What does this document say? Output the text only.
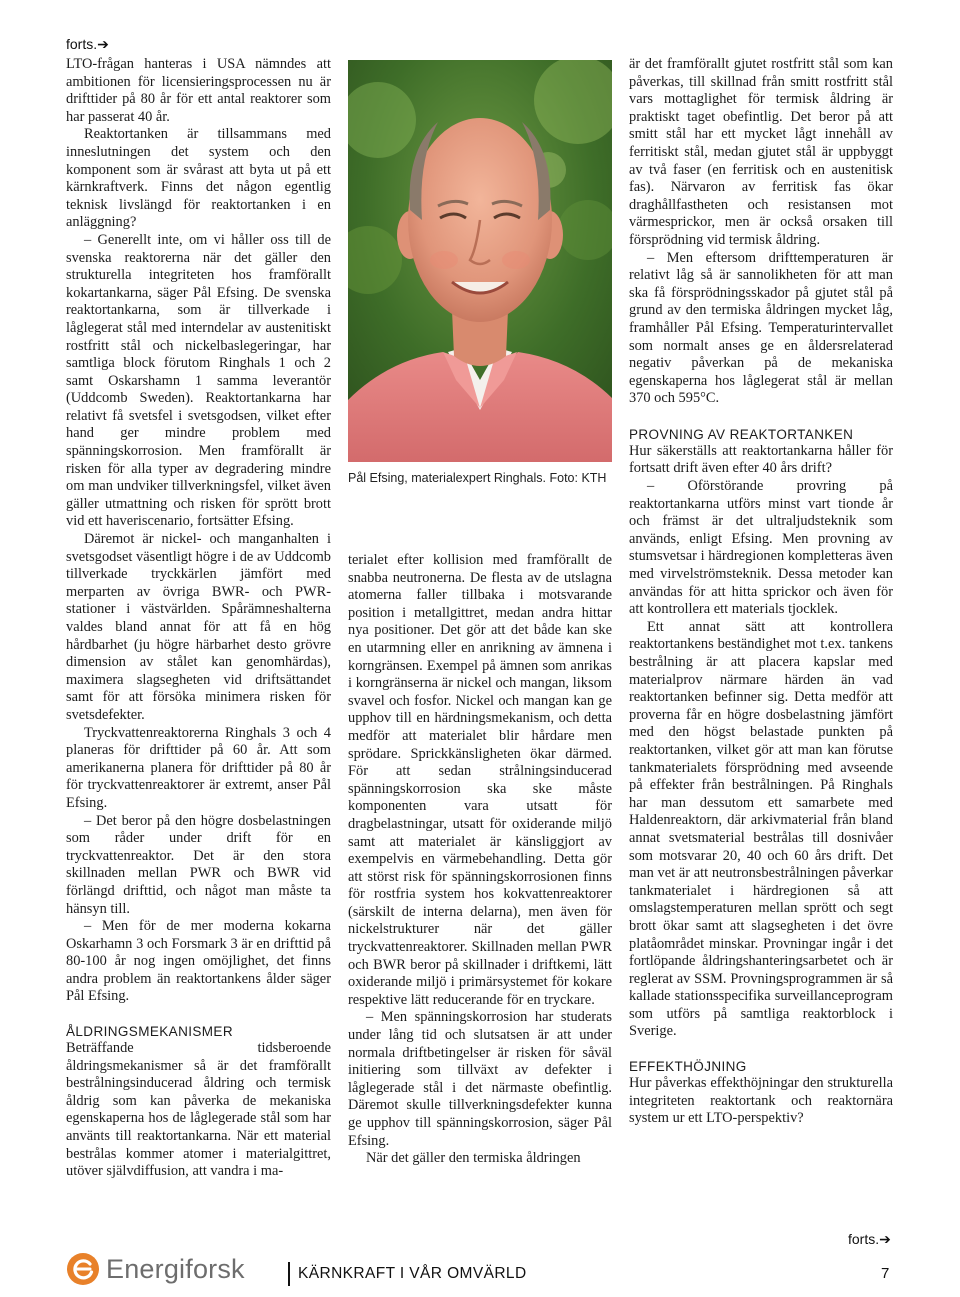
forts.➔

LTO-frågan hanteras i USA nämndes att ambitionen för licensieringsprocessen nu är drifttider på 80 år för ett antal reaktorer som har passerat 40 år.

Reaktortanken är tillsammans med inneslutningen det system och den komponent som är svårast att byta ut på ett kärnkraftverk. Finns det någon egentlig teknisk livslängd för reaktortanken i en anläggning?

– Generellt inte, om vi håller oss till de svenska reaktorerna när det gäller den strukturella integriteten hos framförallt kokartankarna, säger Pål Efsing. De svenska reaktortankarna, som är tillverkade i låglegerat stål med interndelar av austenitiskt rostfritt stål och nickelbaslegeringar, har samtliga block förutom Ringhals 1 och 2 samt Oskarshamn 1 samma leverantör (Uddcomb Sweden). Reaktortankarna har relativt få svetsfel i svetsgodsen, vilket efter hand ger mindre problem med spänningskorrosion. Men framförallt är risken för alla typer av degradering mindre om man undviker tillverkningsfel, vilket även gäller utmattning och risken för sprött brott vid ett haveriscenario, fortsätter Efsing.

Däremot är nickel- och manganhalten i svetsgodset väsentligt högre i de av Uddcomb tillverkade tryckkärlen jämfört med merparten av övriga BWR- och PWR-stationer i västvärlden. Spårämneshalterna valdes bland annat för att få en hög hårdbarhet (ju högre härbarhet desto grövre dimension av stålet kan genomhärdas), maximera slagsegheten vid driftsättandet samt för att försöka minimera risken för svetsdefekter.

Tryckvattenreaktorerna Ringhals 3 och 4 planeras för drifttider på 60 år. Att som amerikanerna planera för drifttider på 80 år för tryckvattenreaktorer är extremt, anser Pål Efsing.

– Det beror på den högre dosbelastningen som råder under drift för en tryckvattenreaktor. Det är den stora skillnaden mellan PWR och BWR vid förlängd drifttid, och något man måste ta hänsyn till.

– Men för de mer moderna kokarna Oskarhamn 3 och Forsmark 3 är en drifttid på 80-100 år nog ingen omöjlighet, det finns andra problem än reaktortankens ålder säger Pål Efsing.

ÅLDRINGSMEKANISMER

Beträffande tidsberoende åldringsmekanismer så är det framförallt bestrålningsinducerad åldring och termisk åldrig som kan påverka de mekaniska egenskaperna hos de låglegerade stål som har använts till reaktortankarna. När ett material bestrålas kommer atomer i materialgittret, utöver självdiffusion, att vandra i ma-

Pål Efsing, materialexpert Ringhals. Foto: KTH

terialet efter kollision med framförallt de snabba neutronerna. De flesta av de utslagna atomerna faller tillbaka i motsvarande position i metallgittret, medan andra hittar nya positioner. Det gör att det både kan ske en utarmning eller en anrikning av ämnena i korngränsen. Exempel på ämnen som anrikas i korngränserna är nickel och mangan, liksom svavel och fosfor. Nickel och mangan kan ge upphov till en härdningsmekanism, och detta medför att materialet blir hårdare men sprödare. Sprickkänsligheten ökar därmed. För att sedan strålningsinducerad spänningskorrosion ska ske måste komponenten vara utsatt för dragbelastningar, utsatt för oxiderande miljö samt att materialet är känsliggjort av exempelvis en värmebehandling. Detta gör att störst risk för spänningskorrosionen finns för rostfria system hos kokvattenreaktorer (särskilt de interna delarna), men även för nickelstrukturer när det gäller tryckvattenreaktorer. Skillnaden mellan PWR och BWR beror på skillnader i driftkemi, lätt oxiderande miljö i primärsystemet för kokare respektive lätt reducerande för en tryckare.

– Men spänningskorrosion har studerats under lång tid och slutsatsen är att under normala driftbetingelser är risken för såväl initiering som tillväxt av defekter i låglegerade stål i det närmaste obefintlig. Däremot skulle tillverkningsdefekter kunna ge upphov till spänningskorrosion, säger Pål Efsing.

När det gäller den termiska åldringen

är det framförallt gjutet rostfritt stål som kan påverkas, till skillnad från smitt rostfritt stål vars mottaglighet för termisk åldring är praktiskt taget obefintlig. Det beror på att smitt stål har ett mycket lågt innehåll av ferritiskt stål, medan gjutet stål är uppbyggt av två faser (en ferritisk och en austenitisk fas). Närvaron av ferritisk fas ökar draghållfastheten och resistansen mot värmesprickor, men är också orsaken till försprödning vid termisk åldring.

– Men eftersom drifttemperaturen är relativt låg så är sannolikheten för att man ska få försprödningsskador på gjutet stål på grund av den termiska åldringen mycket låg, framhåller Pål Efsing. Temperaturintervallet som normalt anses ge en åldersrelaterad negativ påverkan på de mekaniska egenskaperna hos låglegerat stål är mellan 370 och 595°C.

PROVNING AV REAKTORTANKEN

Hur säkerställs att reaktortankarna håller för fortsatt drift även efter 40 års drift?

– Oförstörande provring på reaktortankarna utförs minst vart tionde år och främst är det ultraljudsteknik som används, enligt Efsing. Men provning av stumsvetsar i härdregionen kompletteras även med virvelströmsteknik. Dessa metoder kan användas för att hitta sprickor och även för att kontrollera ett materials tjocklek.

Ett annat sätt att kontrollera reaktortankens beständighet mot t.ex. tankens bestrålning är att placera kapslar med materialprov närmare härden än vad reaktortanken befinner sig. Detta medför att proverna får en högre dosbelastning jämfört med den högst belastade punkten på reaktortanken, vilket gör att man kan förutse tankmaterialets försprödning med avseende på effekter från bestrålningen. På Ringhals har man dessutom ett samarbete med Haldenreaktorn, där arkivmaterial från bland annat svetsmaterial bestrålas till dosnivåer som motsvarar 20, 40 och 60 års drift. Det man vet är att neutronsbestrålningen påverkar tankmaterialet i härdregionen så att omslagstemperaturen mellan sprött och segt brott ökar samt att slagsegheten i det övre platåområdet minskar. Provningar ingår i det fortlöpande åldringshanteringsarbetet och är reglerat av SSM. Provningsprogrammen är så kallade stationsspecifika surveillanceprogram som utförs på samtliga reaktorblock i Sverige.

EFFEKTHÖJNING

Hur påverkas effekthöjningar den strukturella integriteten reaktortank och reaktornära system ur ett LTO-perspektiv?

forts.➔
Energiforsk	KÄRNKRAFT I VÅR OMVÄRLD	7
